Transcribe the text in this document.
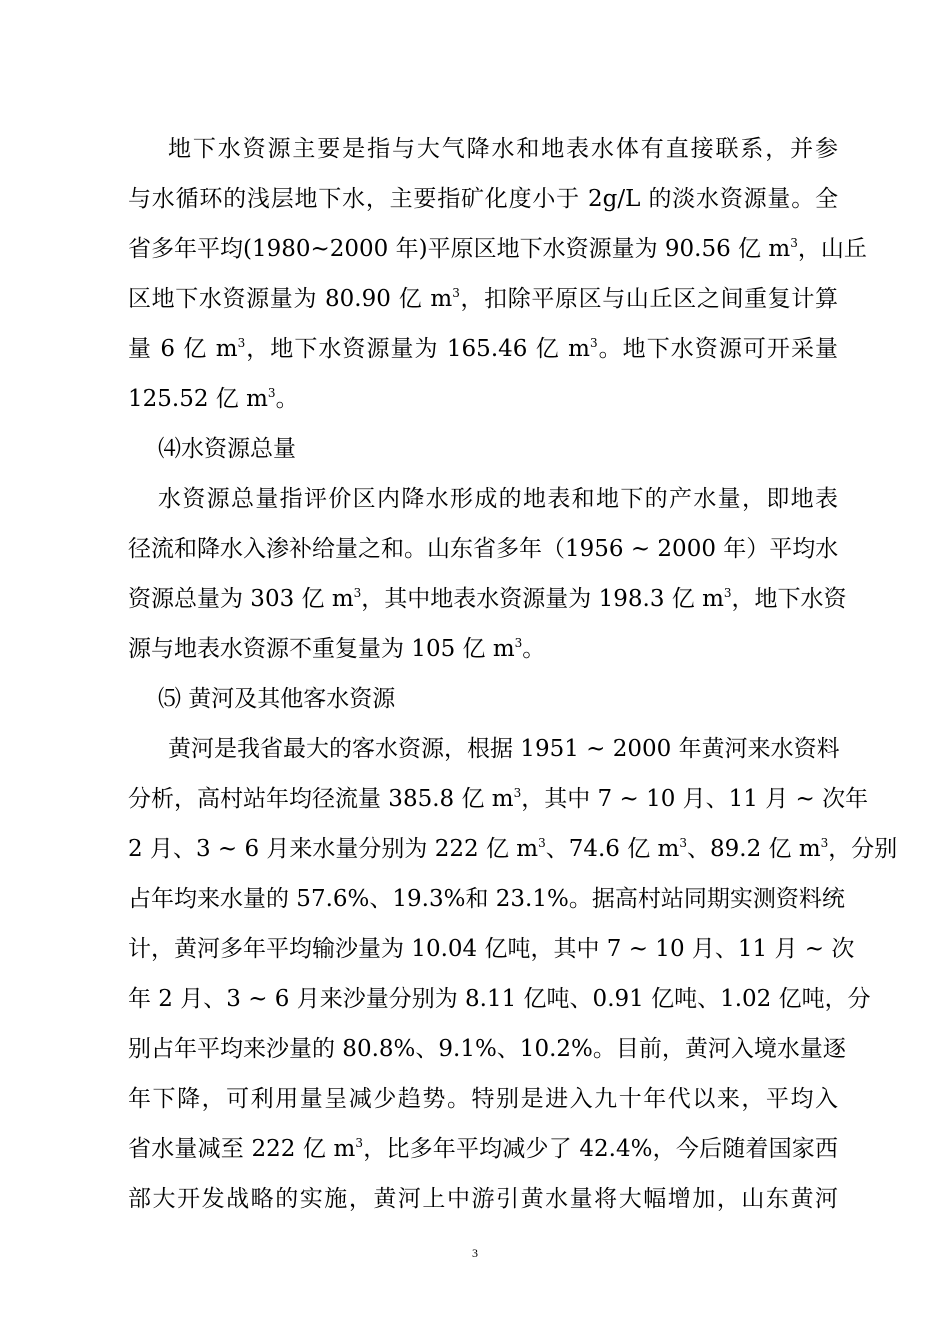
地下水资源主要是指与大气降水和地表水体有直接联系，并参
与水循环的浅层地下水，主要指矿化度小于 2g/L 的淡水资源量。全
省多年平均(1980~2000 年)平原区地下水资源量为 90.56 亿 $m^3$，山丘
区地下水资源量为 80.90 亿 $m^3$，扣除平原区与山丘区之间重复计算
量 6 亿 $m^3$，地下水资源量为 165.46 亿 $m^3$。地下水资源可开采量
125.52 亿 $m^3$。
⑷水资源总量
水资源总量指评价区内降水形成的地表和地下的产水量，即地表
径流和降水入渗补给量之和。山东省多年（1956 ~ 2000 年）平均水
资源总量为 303 亿 $m^3$，其中地表水资源量为 198.3 亿 $m^3$，地下水资
源与地表水资源不重复量为 105 亿 $m^3$。
⑸ 黄河及其他客水资源
黄河是我省最大的客水资源，根据 1951 ~ 2000 年黄河来水资料
分析，高村站年均径流量 385.8 亿 $m^3$，其中 7 ~ 10 月、11 月 ~ 次年
2 月、3 ~ 6 月来水量分别为 222 亿 $m^3$、74.6 亿 $m^3$、89.2 亿 $m^3$，分别
占年均来水量的 57.6%、19.3%和 23.1%。据高村站同期实测资料统
计，黄河多年平均输沙量为 10.04 亿吨，其中 7 ~ 10 月、11 月 ~ 次
年 2 月、3 ~ 6 月来沙量分别为 8.11 亿吨、0.91 亿吨、1.02 亿吨，分
别占年平均来沙量的 80.8%、9.1%、10.2%。目前，黄河入境水量逐
年下降，可利用量呈减少趋势。特别是进入九十年代以来，平均入
省水量减至 222 亿 $m^3$，比多年平均减少了 42.4%，今后随着国家西
部大开发战略的实施，黄河上中游引黄水量将大幅增加，山东黄河
3
